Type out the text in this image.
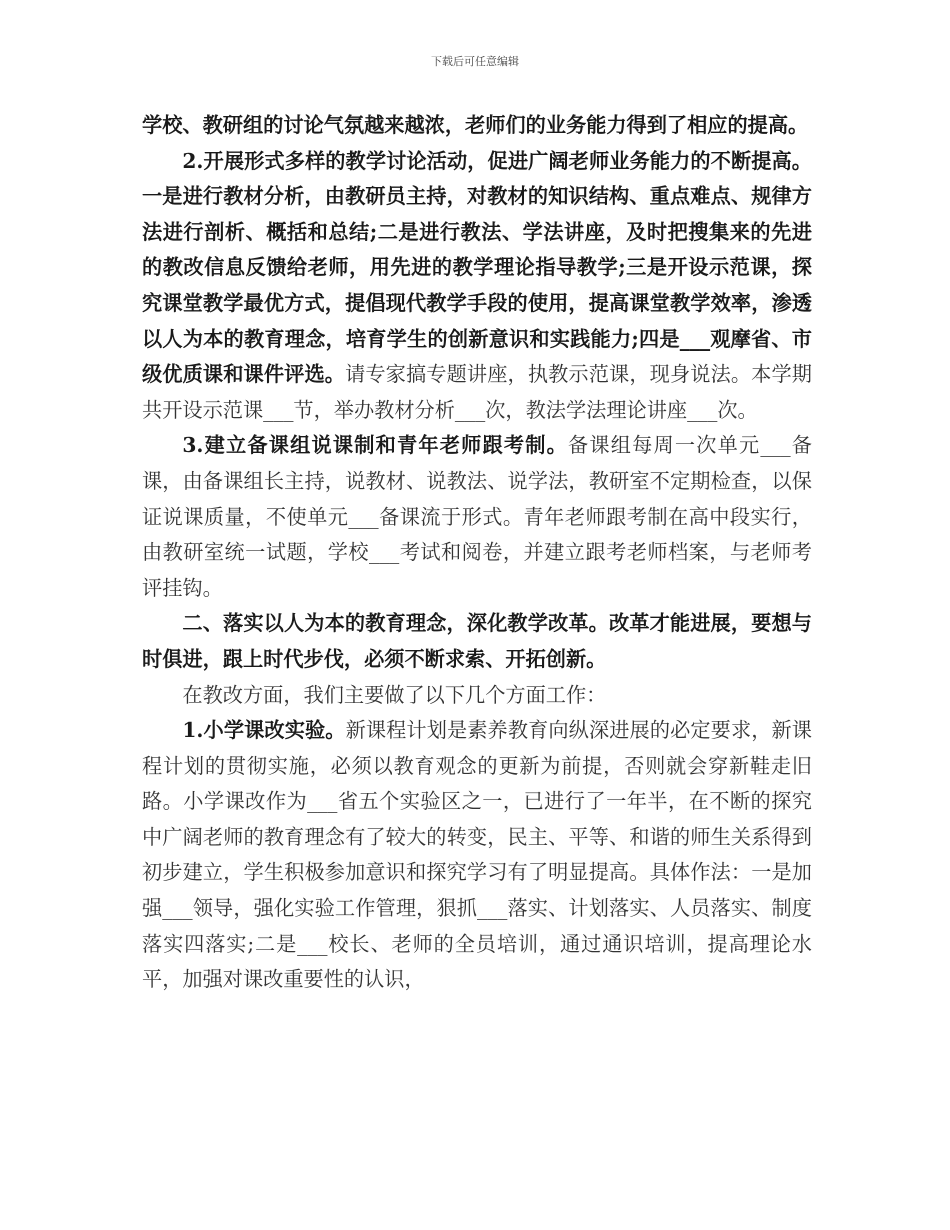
下载后可任意编辑

学校、教研组的讨论气氛越来越浓，老师们的业务能力得到了相应的提高。

2.开展形式多样的教学讨论活动，促进广阔老师业务能力的不断提高。一是进行教材分析，由教研员主持，对教材的知识结构、重点难点、规律方法进行剖析、概括和总结;二是进行教法、学法讲座，及时把搜集来的先进的教改信息反馈给老师，用先进的教学理论指导教学;三是开设示范课，探究课堂教学最优方式，提倡现代教学手段的使用，提高课堂教学效率，渗透以人为本的教育理念，培育学生的创新意识和实践能力;四是___观摩省、市级优质课和课件评选。请专家搞专题讲座，执教示范课，现身说法。本学期共开设示范课___节，举办教材分析___次，教法学法理论讲座___次。

3.建立备课组说课制和青年老师跟考制。备课组每周一次单元___备课，由备课组长主持，说教材、说教法、说学法，教研室不定期检查，以保证说课质量，不使单元___备课流于形式。青年老师跟考制在高中段实行，由教研室统一试题，学校___考试和阅卷，并建立跟考老师档案，与老师考评挂钩。

二、落实以人为本的教育理念，深化教学改革。改革才能进展，要想与时俱进，跟上时代步伐，必须不断求索、开拓创新。

在教改方面，我们主要做了以下几个方面工作：

1.小学课改实验。新课程计划是素养教育向纵深进展的必定要求，新课程计划的贯彻实施，必须以教育观念的更新为前提，否则就会穿新鞋走旧路。小学课改作为___省五个实验区之一，已进行了一年半，在不断的探究中广阔老师的教育理念有了较大的转变，民主、平等、和谐的师生关系得到初步建立，学生积极参加意识和探究学习有了明显提高。具体作法：一是加强___领导，强化实验工作管理，狠抓___落实、计划落实、人员落实、制度落实四落实;二是___校长、老师的全员培训，通过通识培训，提高理论水平，加强对课改重要性的认识，
